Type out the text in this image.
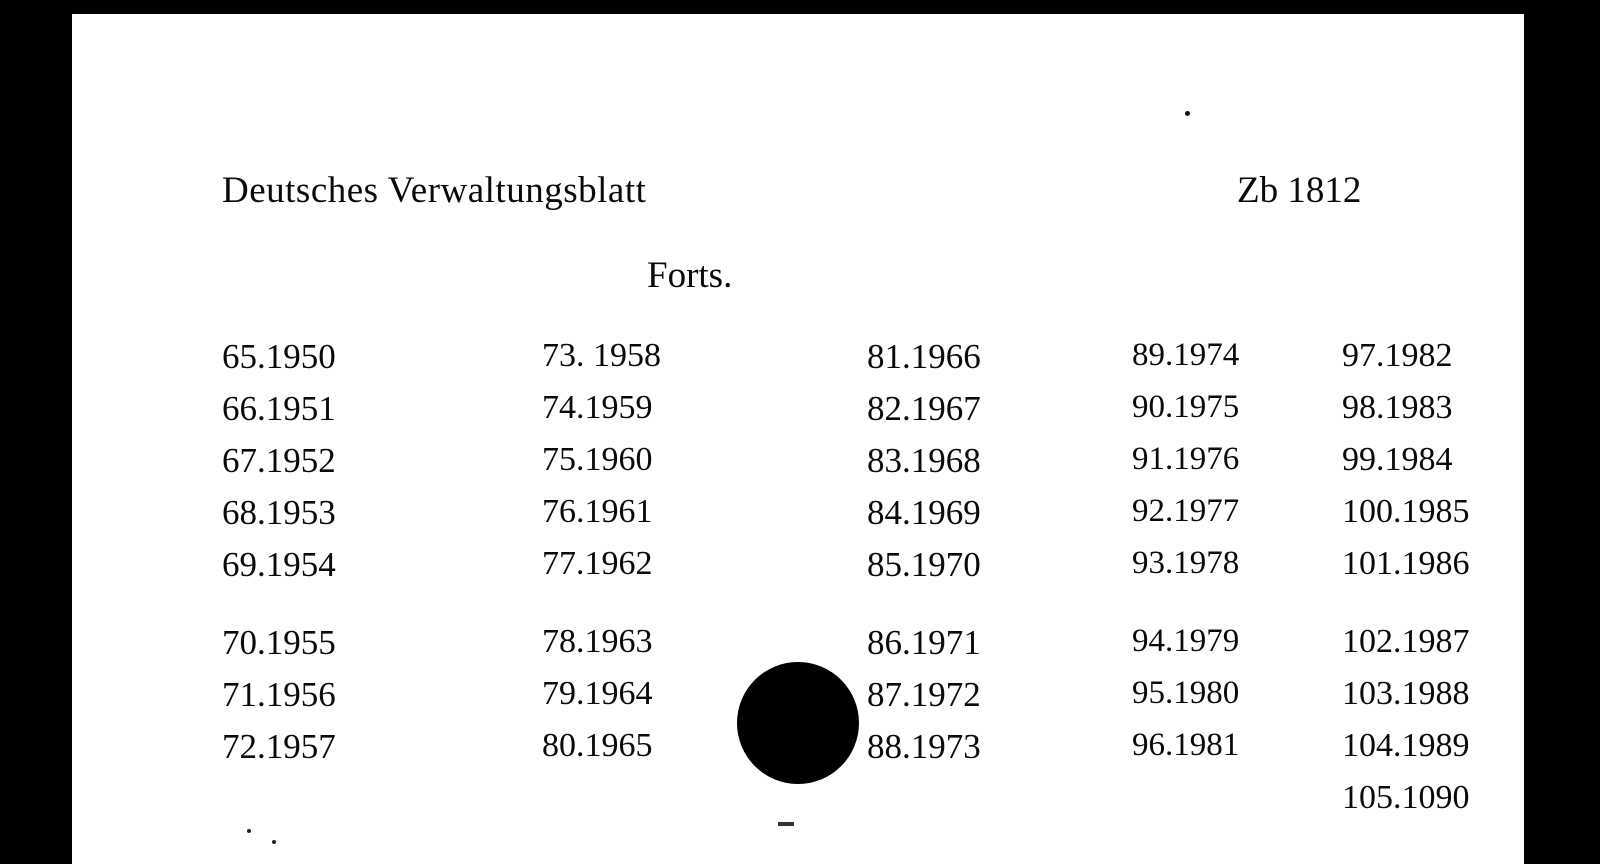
Deutsches Verwaltungsblatt	Zb 1812
Forts.
65.1950
66.1951
67.1952
68.1953
69.1954
70.1955
71.1956
72.1957
73. 1958
74.1959
75.1960
76.1961
77.1962
78.1963
79.1964
80.1965
81.1966
82.1967
83.1968
84.1969
85.1970
86.1971
87.1972
88.1973
89.1974
90.1975
91.1976
92.1977
93.1978
94.1979
95.1980
96.1981
97.1982
98.1983
99.1984
100.1985
101.1986
102.1987
103.1988
104.1989
105.1090
